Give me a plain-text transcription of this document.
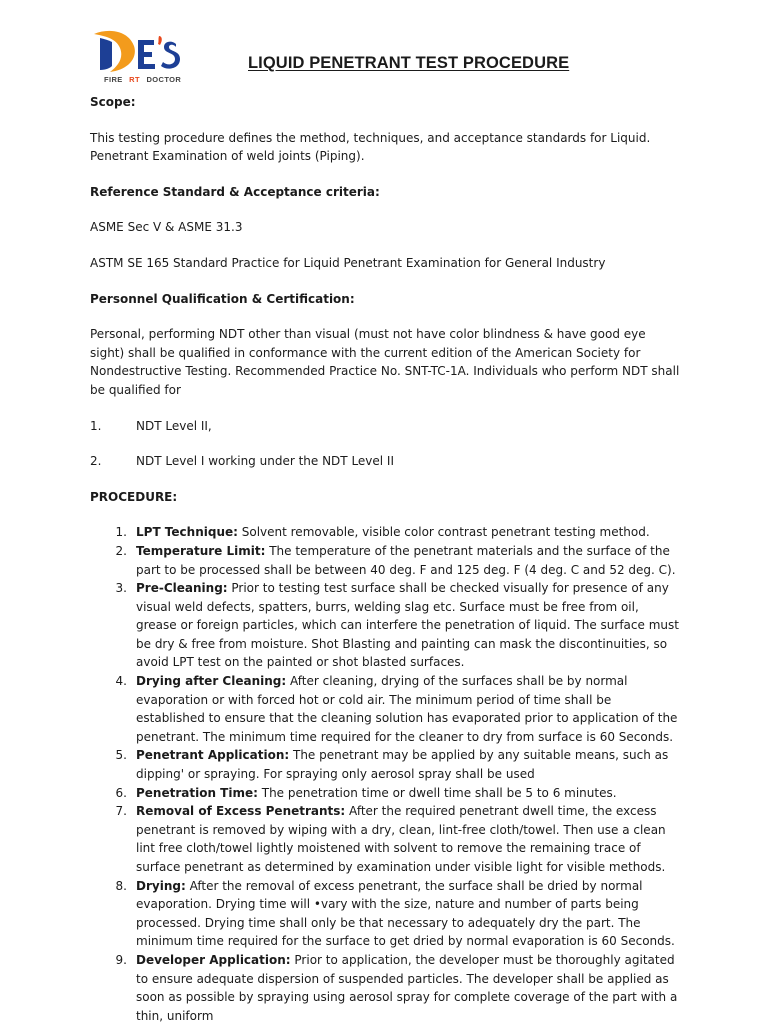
FIRE RT DOCTOR
LIQUID PENETRANT TEST PROCEDURE

Scope:

This testing procedure defines the method, techniques, and acceptance standards for Liquid. Penetrant Examination of weld joints (Piping).

Reference Standard & Acceptance criteria:

ASME Sec V & ASME 31.3

ASTM SE 165 Standard Practice for Liquid Penetrant Examination for General Industry

Personnel Qualification & Certification:

Personal, performing NDT other than visual (must not have color blindness & have good eye sight) shall be qualified in conformance with the current edition of the American Society for Nondestructive Testing. Recommended Practice No. SNT-TC-1A. Individuals who perform NDT shall be qualified for

1.	NDT Level II,
2.	NDT Level I working under the NDT Level II

PROCEDURE:

1. LPT Technique: Solvent removable, visible color contrast penetrant testing method.
2. Temperature Limit: The temperature of the penetrant materials and the surface of the part to be processed shall be between 40 deg. F and 125 deg. F (4 deg. C and 52 deg. C).
3. Pre-Cleaning: Prior to testing test surface shall be checked visually for presence of any visual weld defects, spatters, burrs, welding slag etc. Surface must be free from oil, grease or foreign particles, which can interfere the penetration of liquid. The surface must be dry & free from moisture. Shot Blasting and painting can mask the discontinuities, so avoid LPT test on the painted or shot blasted surfaces.
4. Drying after Cleaning: After cleaning, drying of the surfaces shall be by normal evaporation or with forced hot or cold air. The minimum period of time shall be established to ensure that the cleaning solution has evaporated prior to application of the penetrant. The minimum time required for the cleaner to dry from surface is 60 Seconds.
5. Penetrant Application: The penetrant may be applied by any suitable means, such as dipping' or spraying. For spraying only aerosol spray shall be used
6. Penetration Time: The penetration time or dwell time shall be 5 to 6 minutes.
7. Removal of Excess Penetrants: After the required penetrant dwell time, the excess penetrant is removed by wiping with a dry, clean, lint-free cloth/towel. Then use a clean lint free cloth/towel lightly moistened with solvent to remove the remaining trace of surface penetrant as determined by examination under visible light for visible methods.
8. Drying: After the removal of excess penetrant, the surface shall be dried by normal evaporation. Drying time will •vary with the size, nature and number of parts being processed. Drying time shall only be that necessary to adequately dry the part. The minimum time required for the surface to get dried by normal evaporation is 60 Seconds.
9. Developer Application: Prior to application, the developer must be thoroughly agitated to ensure adequate dispersion of suspended particles. The developer shall be applied as soon as possible by spraying using aerosol spray for complete coverage of the part with a thin, uniform
